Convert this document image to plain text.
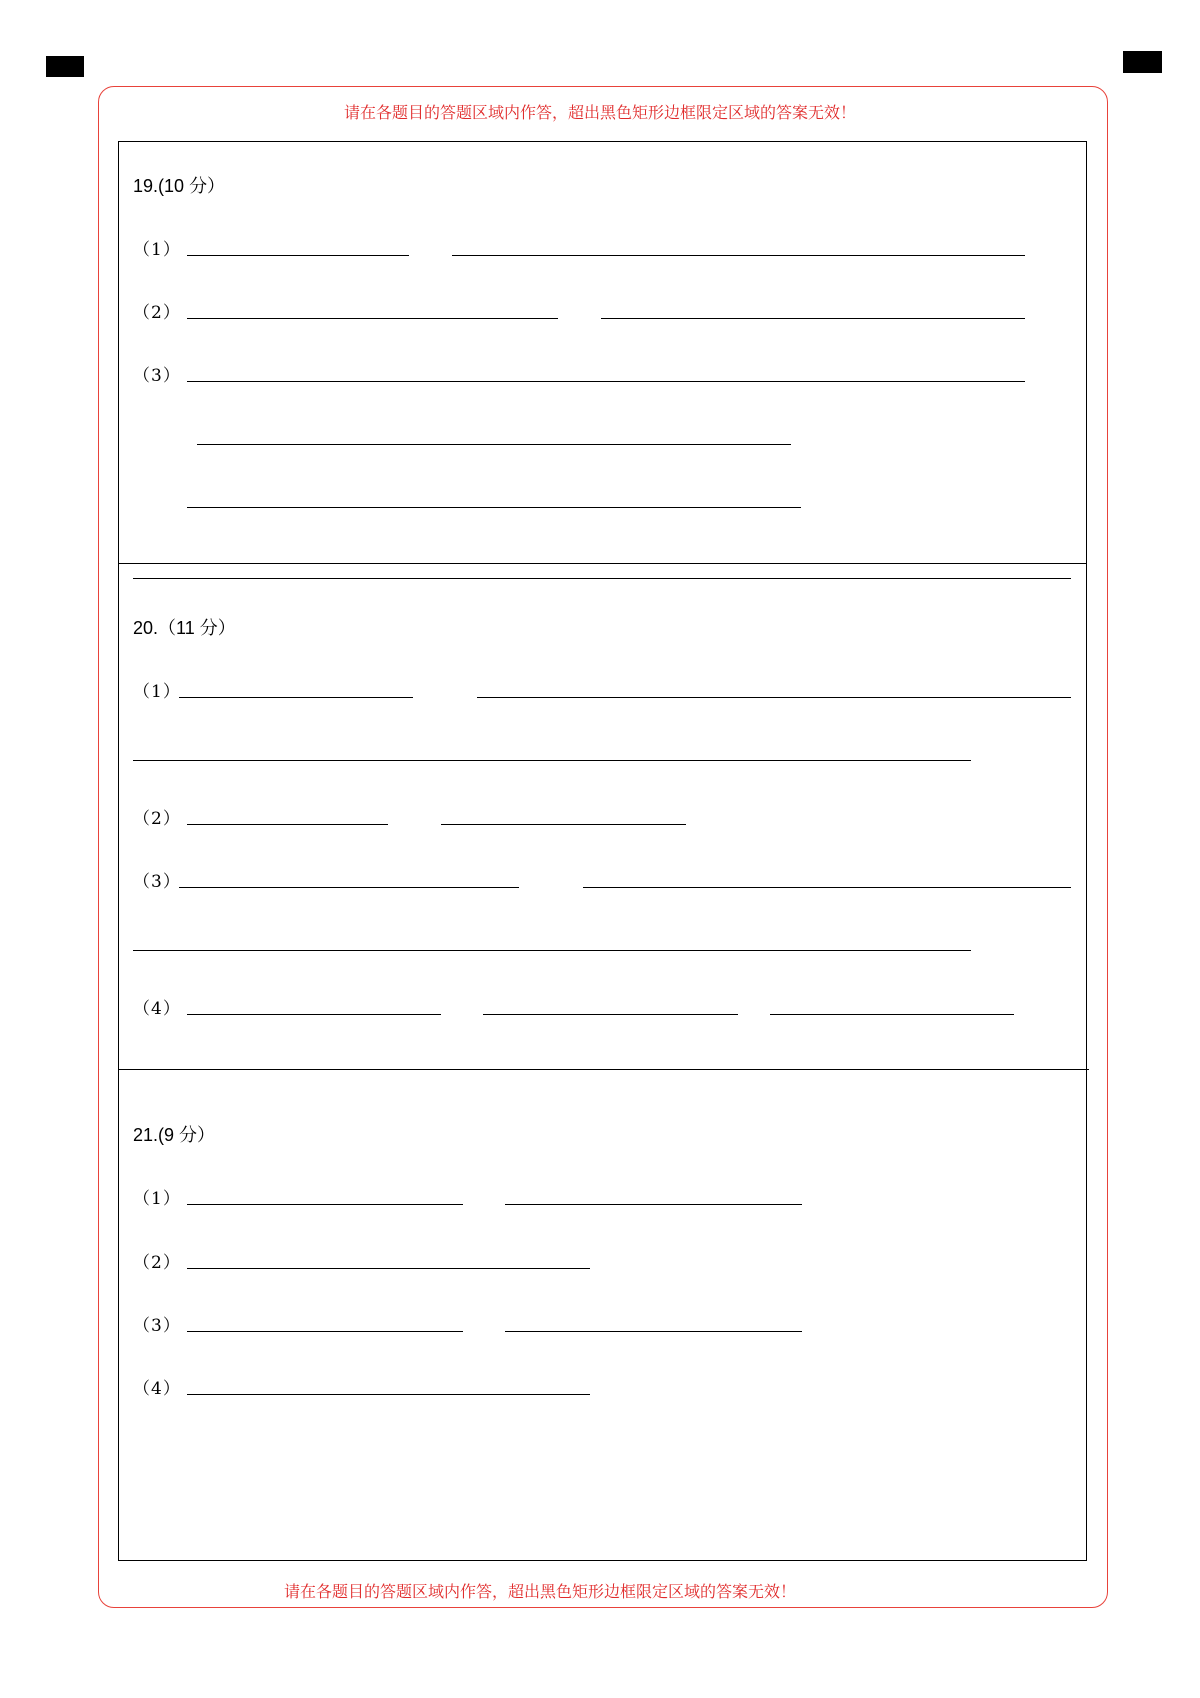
请在各题目的答题区域内作答，超出黑色矩形边框限定区域的答案无效！
请在各题目的答题区域内作答，超出黑色矩形边框限定区域的答案无效！
19.(10 分）
（1）
（2）
（3）
20.（11 分）
（1）
（2）
（3）
（4）
21.(9 分）
（1）
（2）
（3）
（4）
